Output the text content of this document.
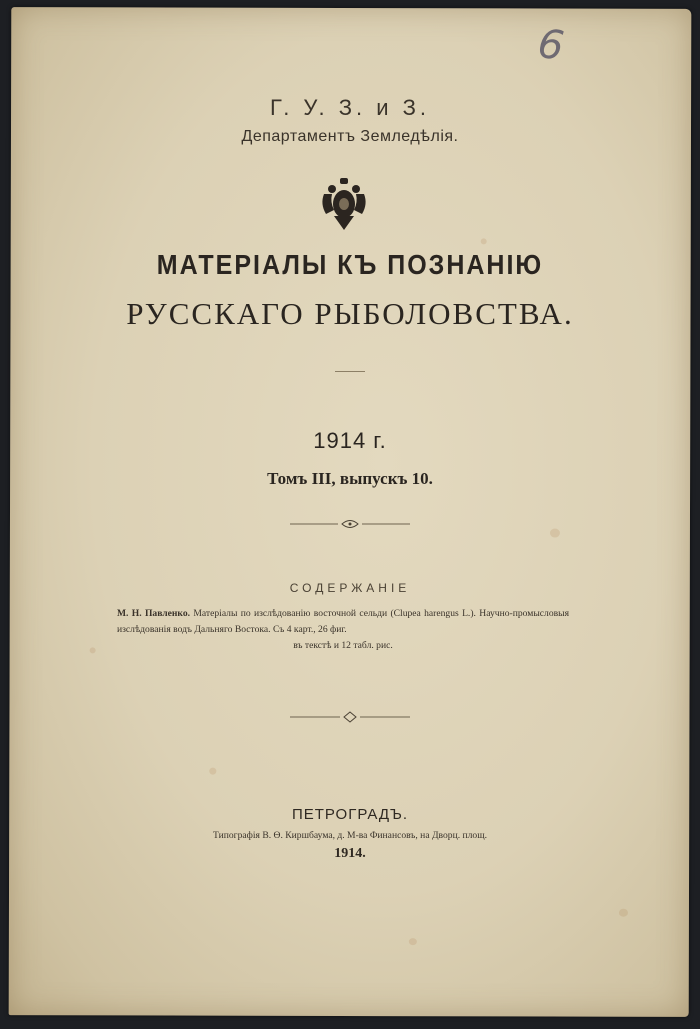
6
Г. У. З. и З.
Департаментъ Земледѣлія.
МАТЕРІАЛЫ КЪ ПОЗНАНІЮ
РУССКАГО РЫБОЛОВСТВА.
1914 г.
Томъ III, выпускъ 10.
СОДЕРЖАНІЕ
М. Н. Павленко. Матеріалы по изслѣдованію восточной сельди (Clupea harengus L.). Научно-промысловыя изслѣдованія водъ Дальняго Востока. Съ 4 карт., 26 фиг.
въ текстѣ и 12 табл. рис.
ПЕТРОГРАДЪ.
Типографія В. Ѳ. Киршбаума, д. М-ва Финансовъ, на Дворц. площ.
1914.
